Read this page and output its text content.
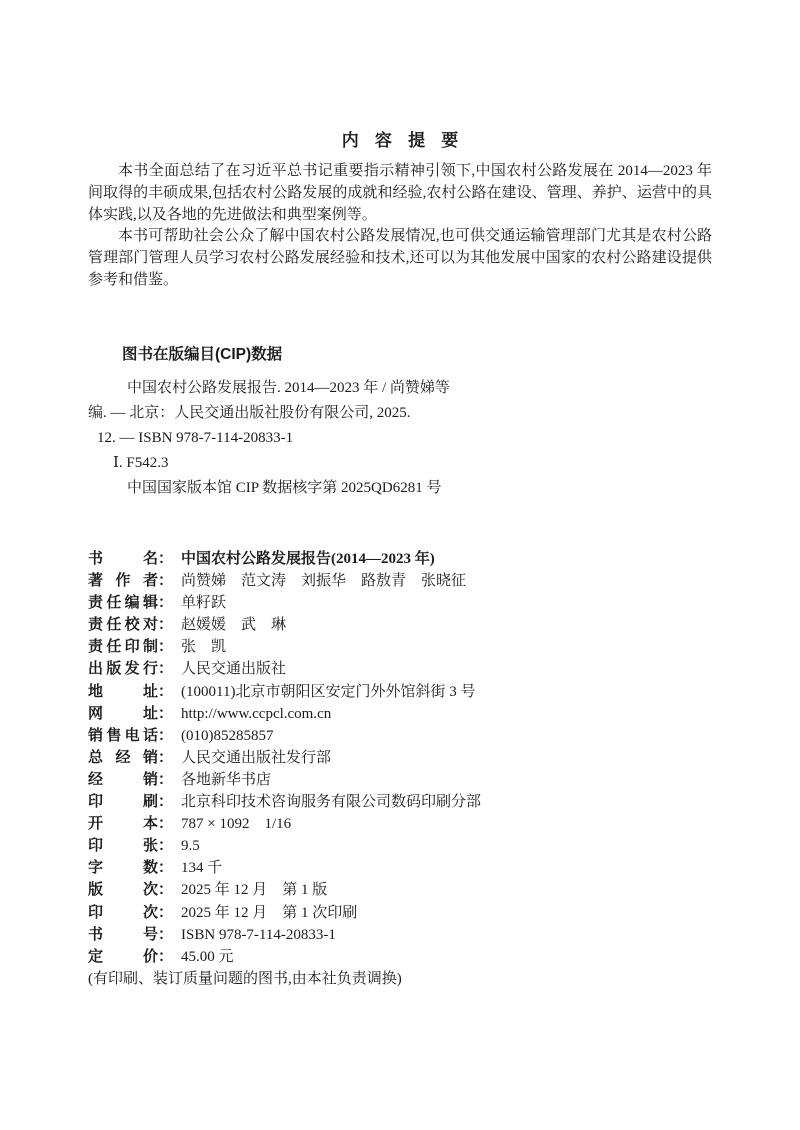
内容提要

本书全面总结了在习近平总书记重要指示精神引领下,中国农村公路发展在 2014—2023 年间取得的丰硕成果,包括农村公路发展的成就和经验,农村公路在建设、管理、养护、运营中的具体实践,以及各地的先进做法和典型案例等。

本书可帮助社会公众了解中国农村公路发展情况,也可供交通运输管理部门尤其是农村公路管理部门管理人员学习农村公路发展经验和技术,还可以为其他发展中国家的农村公路建设提供参考和借鉴。

图书在版编目(CIP)数据

中国农村公路发展报告. 2014—2023 年 / 尚赞娣等

编. — 北京：人民交通出版社股份有限公司, 2025.

12. — ISBN 978-7-114-20833-1

Ⅰ. F542.3

中国国家版本馆 CIP 数据核字第 2025QD6281 号

书名： 中国农村公路发展报告(2014—2023 年)
著作者： 尚赞娣　范文涛　刘振华　路敖青　张晓征
责任编辑： 单籽跃
责任校对： 赵媛媛　武　琳
责任印制： 张　凯
出版发行： 人民交通出版社
地址： (100011)北京市朝阳区安定门外外馆斜街 3 号
网址： http://www.ccpcl.com.cn
销售电话： (010)85285857
总经销： 人民交通出版社发行部
经销： 各地新华书店
印刷： 北京科印技术咨询服务有限公司数码印刷分部
开本： 787 × 1092　1/16
印张： 9.5
字数： 134 千
版次： 2025 年 12 月　第 1 版
印次： 2025 年 12 月　第 1 次印刷
书号： ISBN 978-7-114-20833-1
定价： 45.00 元
(有印刷、装订质量问题的图书,由本社负责调换)
